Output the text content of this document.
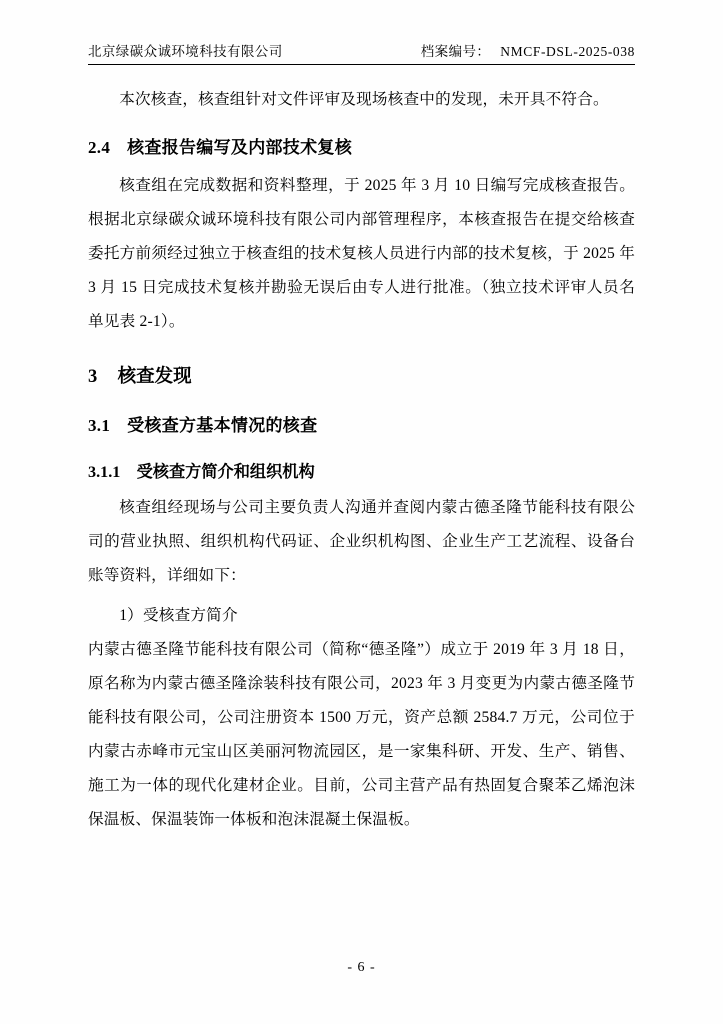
北京绿碳众诚环境科技有限公司	档案编号： NMCF-DSL-2025-038

本次核查，核查组针对文件评审及现场核查中的发现，未开具不符合。

2.4 核查报告编写及内部技术复核

核查组在完成数据和资料整理，于 2025 年 3 月 10 日编写完成核查报告。根据北京绿碳众诚环境科技有限公司内部管理程序，本核查报告在提交给核查委托方前须经过独立于核查组的技术复核人员进行内部的技术复核，于 2025 年 3 月 15 日完成技术复核并勘验无误后由专人进行批准。（独立技术评审人员名单见表 2-1）。

3 核查发现
3.1 受核查方基本情况的核查
3.1.1 受核查方简介和组织机构

核查组经现场与公司主要负责人沟通并查阅内蒙古德圣隆节能科技有限公司的营业执照、组织机构代码证、企业织机构图、企业生产工艺流程、设备台账等资料，详细如下：

1）受核查方简介

内蒙古德圣隆节能科技有限公司（简称“德圣隆”）成立于 2019 年 3 月 18 日，原名称为内蒙古德圣隆涂装科技有限公司，2023 年 3 月变更为内蒙古德圣隆节能科技有限公司，公司注册资本 1500 万元，资产总额 2584.7 万元，公司位于内蒙古赤峰市元宝山区美丽河物流园区，是一家集科研、开发、生产、销售、施工为一体的现代化建材企业。目前，公司主营产品有热固复合聚苯乙烯泡沫保温板、保温装饰一体板和泡沫混凝土保温板。

- 6 -
